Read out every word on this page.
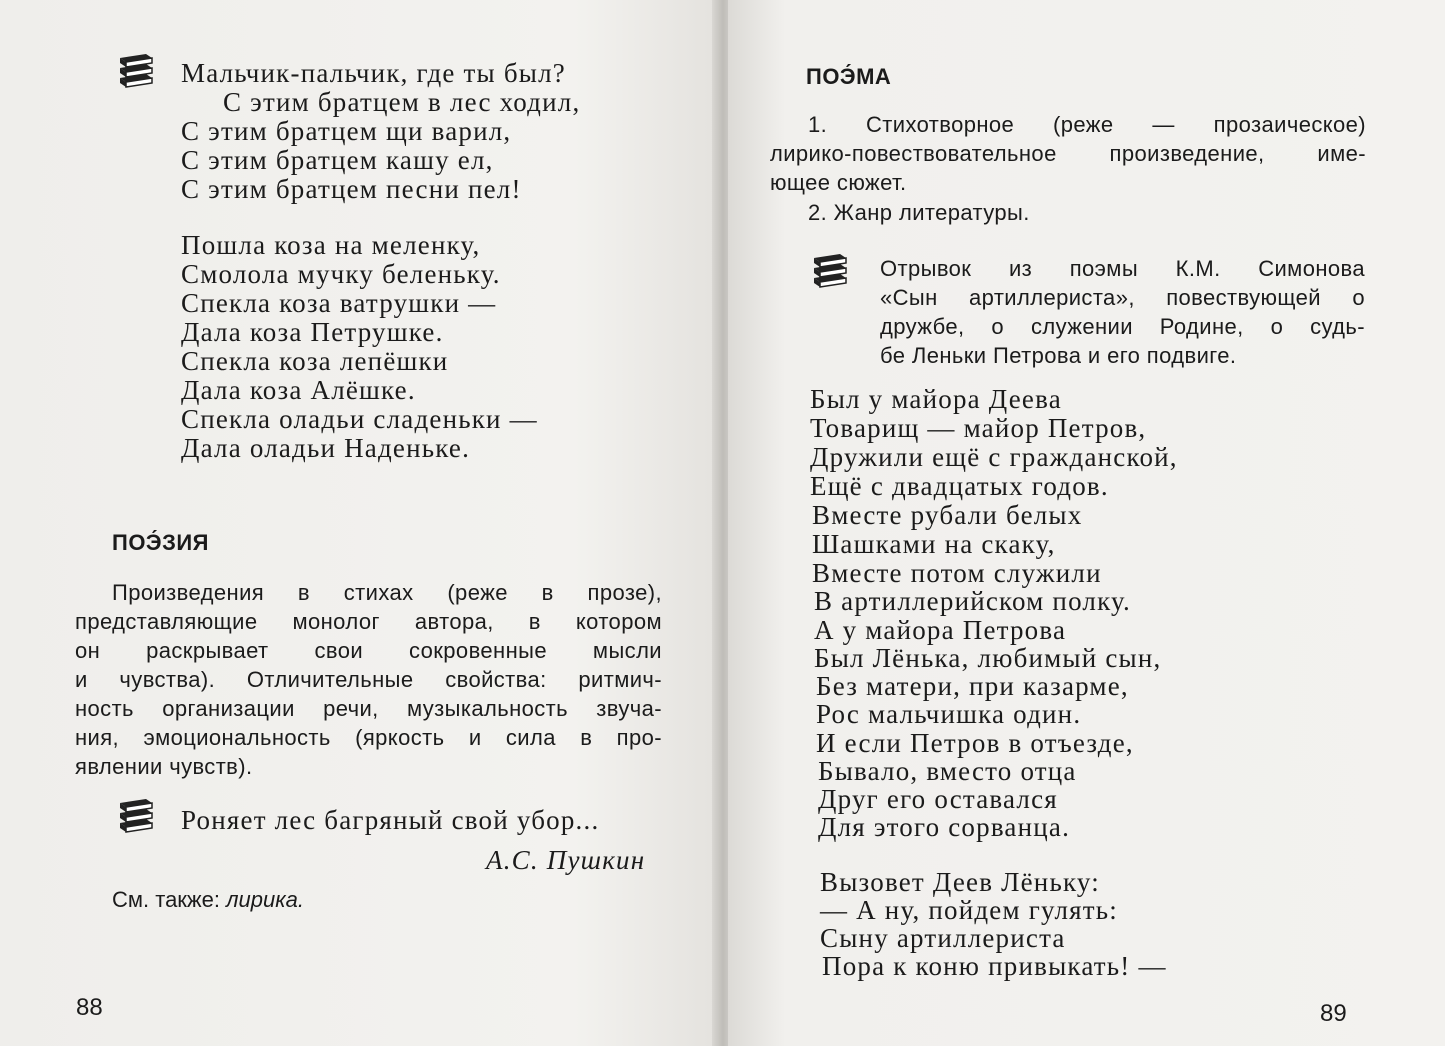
Мальчик-пальчик, где ты был?
С этим братцем в лес ходил,
С этим братцем щи варил,
С этим братцем кашу ел,
С этим братцем песни пел!
Пошла коза на меленку,
Смолола мучку беленьку.
Спекла коза ватрушки —
Дала коза Петрушке.
Спекла коза лепёшки
Дала коза Алёшке.
Спекла оладьи сладеньки —
Дала оладьи Наденьке.
ПОЭ́ЗИЯ
Произведения в стихах (реже в прозе),
представляющие монолог автора, в котором
он раскрывает свои сокровенные мысли
и чувства). Отличительные свойства: ритмич-
ность организации речи, музыкальность звуча-
ния, эмоциональность (яркость и сила в про-
явлении чувств).
Роняет лес багряный свой убор...
А.С. Пушкин
См. также: лирика.
88
ПОЭ́МА
1. Стихотворное (реже — прозаическое)
лирико-повествовательное произведение, име-
ющее сюжет.
2. Жанр литературы.
Отрывок из поэмы К.М. Симонова
«Сын артиллериста», повествующей о
дружбе, о служении Родине, о судь-
бе Леньки Петрова и его подвиге.
Был у майора Деева
Товарищ — майор Петров,
Дружили ещё с гражданской,
Ещё с двадцатых годов.
Вместе рубали белых
Шашками на скаку,
Вместе потом служили
В артиллерийском полку.
А у майора Петрова
Был Лёнька, любимый сын,
Без матери, при казарме,
Рос мальчишка один.
И если Петров в отъезде,
Бывало, вместо отца
Друг его оставался
Для этого сорванца.
Вызовет Деев Лёньку:
— А ну, пойдем гулять:
Сыну артиллериста
Пора к коню привыкать! —
89
